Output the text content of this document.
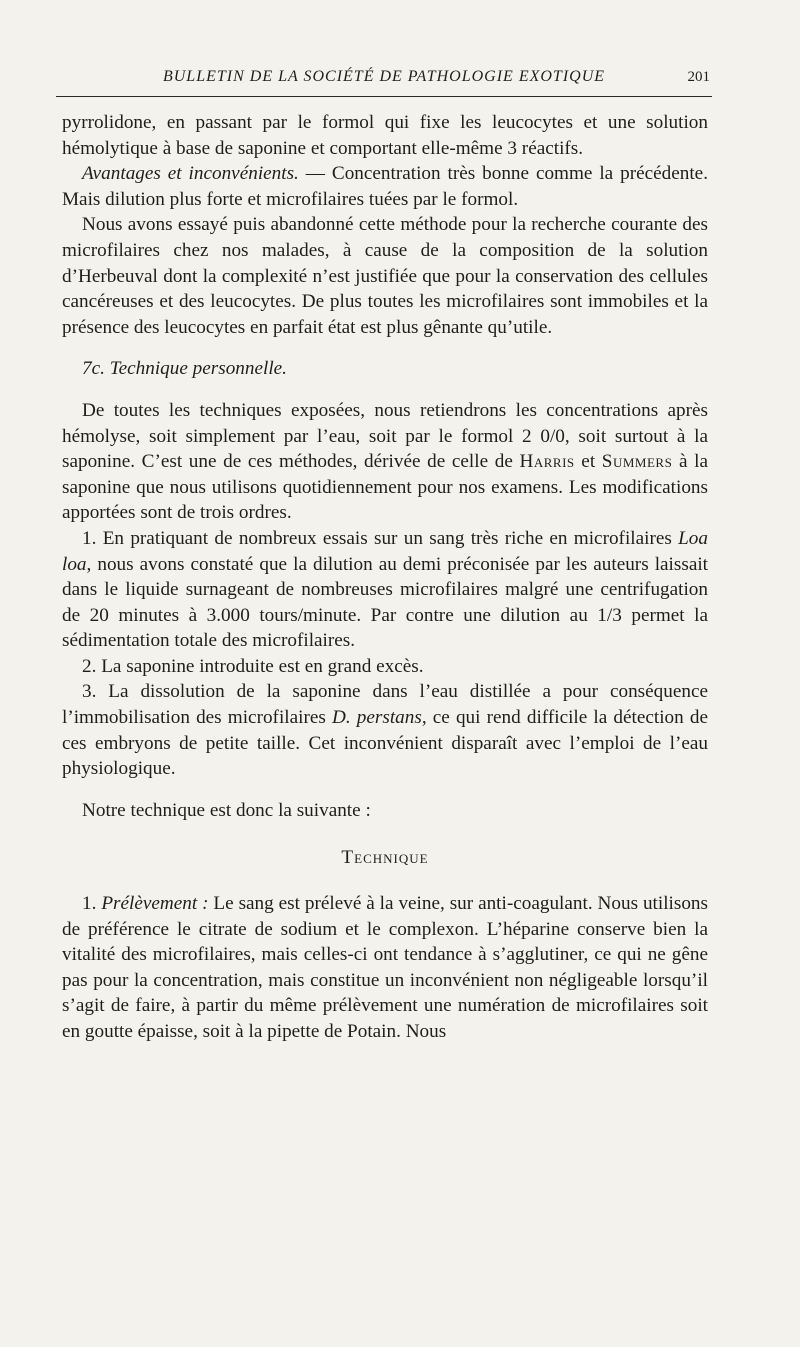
BULLETIN DE LA SOCIÉTÉ DE PATHOLOGIE EXOTIQUE	201

pyrrolidone, en passant par le formol qui fixe les leucocytes et une solution hémolytique à base de saponine et comportant elle-même 3 réactifs.

Avantages et inconvénients. — Concentration très bonne comme la précédente. Mais dilution plus forte et microfilaires tuées par le formol.

Nous avons essayé puis abandonné cette méthode pour la recherche courante des microfilaires chez nos malades, à cause de la composition de la solution d’Herbeuval dont la complexité n’est justifiée que pour la conservation des cellules cancéreuses et des leucocytes. De plus toutes les microfilaires sont immobiles et la présence des leucocytes en parfait état est plus gênante qu’utile.

7c. Technique personnelle.

De toutes les techniques exposées, nous retiendrons les concentrations après hémolyse, soit simplement par l’eau, soit par le formol 2 0/0, soit surtout à la saponine. C’est une de ces méthodes, dérivée de celle de Harris et Summers à la saponine que nous utilisons quotidiennement pour nos examens. Les modifications apportées sont de trois ordres.

1. En pratiquant de nombreux essais sur un sang très riche en microfilaires Loa loa, nous avons constaté que la dilution au demi préconisée par les auteurs laissait dans le liquide surnageant de nombreuses microfilaires malgré une centrifugation de 20 minutes à 3.000 tours/minute. Par contre une dilution au 1/3 permet la sédimentation totale des microfilaires.

2. La saponine introduite est en grand excès.

3. La dissolution de la saponine dans l’eau distillée a pour conséquence l’immobilisation des microfilaires D. perstans, ce qui rend difficile la détection de ces embryons de petite taille. Cet inconvénient disparaît avec l’emploi de l’eau physiologique.

Notre technique est donc la suivante :

Technique

1. Prélèvement : Le sang est prélevé à la veine, sur anti-coagulant. Nous utilisons de préférence le citrate de sodium et le complexon. L’héparine conserve bien la vitalité des microfilaires, mais celles-ci ont tendance à s’agglutiner, ce qui ne gêne pas pour la concentration, mais constitue un inconvénient non négligeable lorsqu’il s’agit de faire, à partir du même prélèvement une numération de microfilaires soit en goutte épaisse, soit à la pipette de Potain. Nous
